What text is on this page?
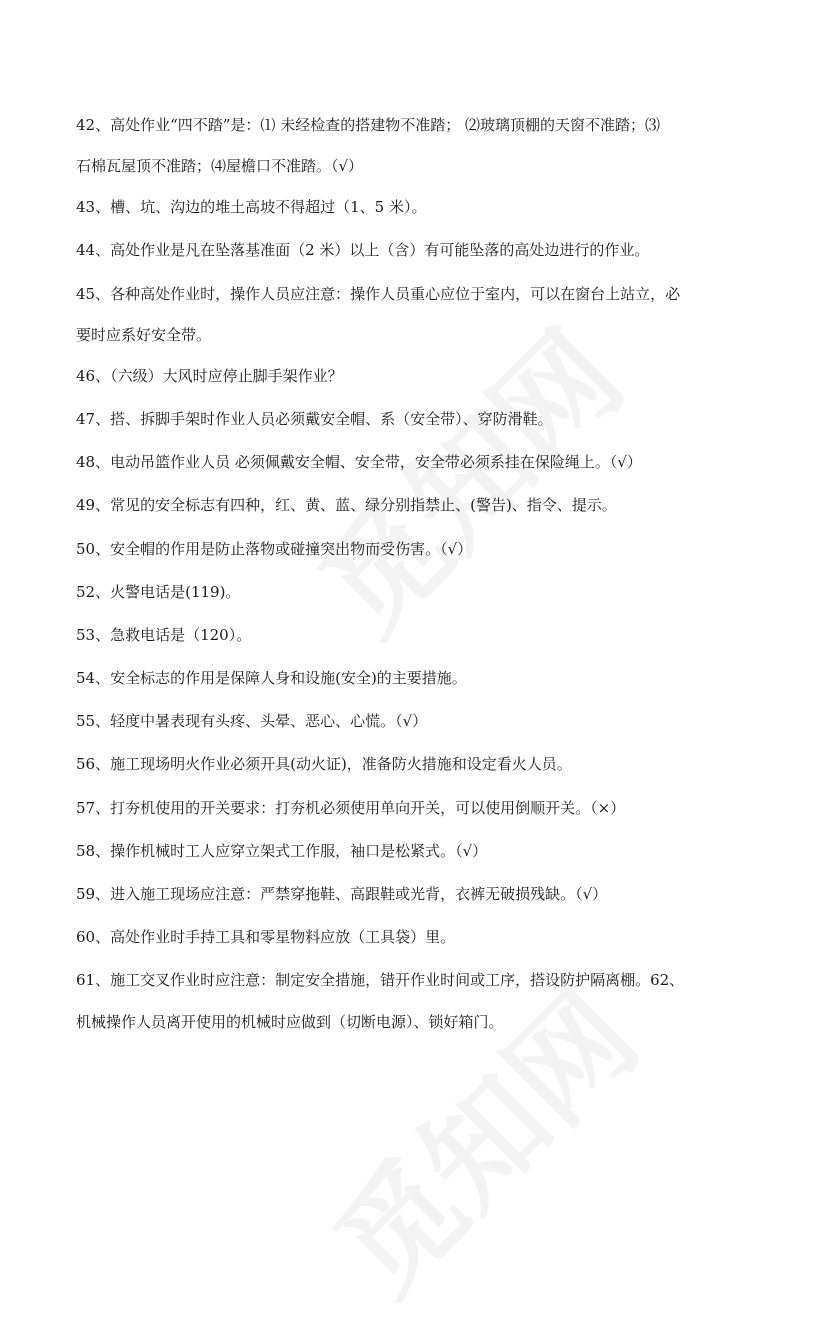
42、高处作业“四不踏”是：⑴ 未经检查的搭建物不准踏； ⑵玻璃顶棚的天窗不准踏；⑶
石棉瓦屋顶不准踏；⑷屋檐口不准踏。（√）
43、槽、坑、沟边的堆土高坡不得超过（1、5 米）。
44、高处作业是凡在坠落基准面（2 米）以上（含）有可能坠落的高处边进行的作业。
45、各种高处作业时，操作人员应注意：操作人员重心应位于室内，可以在窗台上站立，必
要时应系好安全带。
46、（六级）大风时应停止脚手架作业？
47、搭、拆脚手架时作业人员必须戴安全帽、系（安全带）、穿防滑鞋。
48、电动吊篮作业人员 必须佩戴安全帽、安全带，安全带必须系挂在保险绳上。（√）
49、常见的安全标志有四种，红、黄、蓝、绿分别指禁止、(警告)、指令、提示。
50、安全帽的作用是防止落物或碰撞突出物而受伤害。（√）
52、火警电话是(119)。
53、急救电话是（120）。
54、安全标志的作用是保障人身和设施(安全)的主要措施。
55、轻度中暑表现有头疼、头晕、恶心、心慌。（√）
56、施工现场明火作业必须开具(动火证)，准备防火措施和设定看火人员。
57、打夯机使用的开关要求：打夯机必须使用单向开关，可以使用倒顺开关。（×）
58、操作机械时工人应穿立架式工作服，袖口是松紧式。（√）
59、进入施工现场应注意：严禁穿拖鞋、高跟鞋或光背，衣裤无破损残缺。（√）
60、高处作业时手持工具和零星物料应放（工具袋）里。
61、施工交叉作业时应注意：制定安全措施，错开作业时间或工序，搭设防护隔离棚。62、
机械操作人员离开使用的机械时应做到（切断电源）、锁好箱门。
